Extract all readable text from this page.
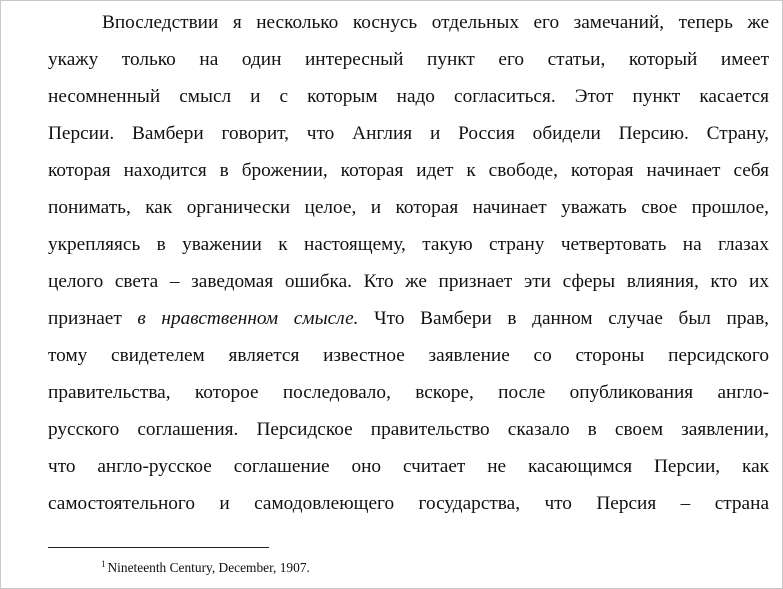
Впоследствии я несколько коснусь отдельных его замечаний, теперь же
укажу только на один интересный пункт его статьи, который имеет
несомненный смысл и с которым надо согласиться. Этот пункт касается
Персии. Вамбери говорит, что Англия и Россия обидели Персию. Страну,
которая находится в брожении, которая идет к свободе, которая начинает себя
понимать, как органически целое, и которая начинает уважать свое прошлое,
укрепляясь в уважении к настоящему, такую страну четвертовать на глазах
целого света – заведомая ошибка. Кто же признает эти сферы влияния, кто их
признает в нравственном смысле. Что Вамбери в данном случае был прав,
тому свидетелем является известное заявление со стороны персидского
правительства, которое последовало, вскоре, после опубликования англо-
русского соглашения. Персидское правительство сказало в своем заявлении,
что англо-русское соглашение оно считает не касающимся Персии, как
самостоятельного и самодовлеющего государства, что Персия – страна
$^1$ Nineteenth Century, December, 1907.
